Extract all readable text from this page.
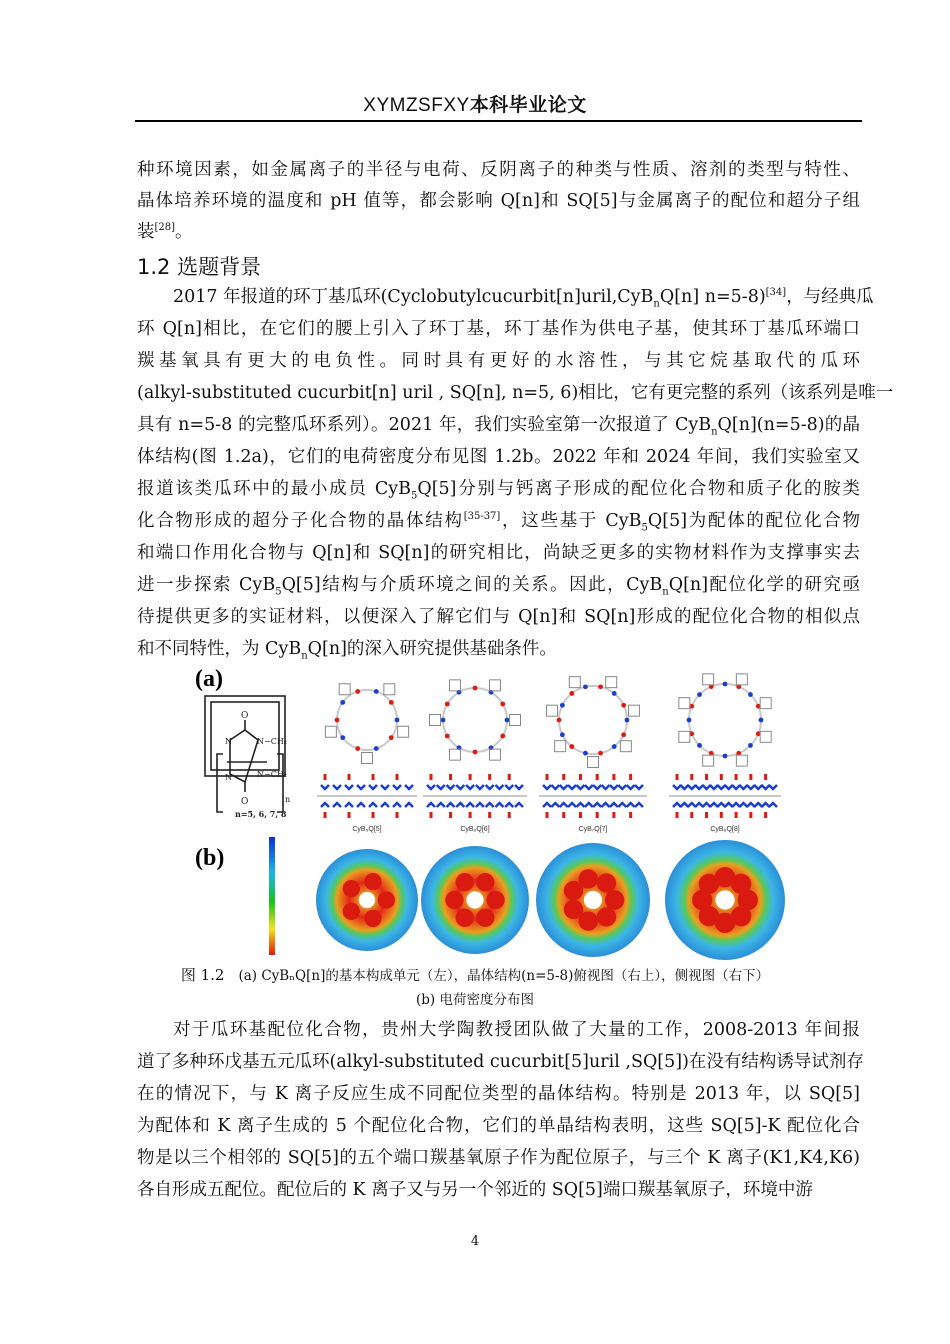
XYMZSFXY本科毕业论文
种环境因素，如金属离子的半径与电荷、反阴离子的种类与性质、溶剂的类型与特性、
晶体培养环境的温度和 pH 值等，都会影响 Q[n]和 SQ[5]与金属离子的配位和超分子组
装[28]。
1.2 选题背景
2017 年报道的环丁基瓜环(Cyclobutylcucurbit[n]uril,CyB$_n$Q[n] n=5-8)[34]，与经典瓜
环 Q[n]相比，在它们的腰上引入了环丁基，环丁基作为供电子基，使其环丁基瓜环端口
羰基氧具有更大的电负性。同时具有更好的水溶性，与其它烷基取代的瓜环
(alkyl-substituted cucurbit[n] uril , SQ[n], n=5, 6)相比，它有更完整的系列（该系列是唯一
具有 n=5-8 的完整瓜环系列）。2021 年，我们实验室第一次报道了 CyB$_n$Q[n](n=5-8)的晶
体结构(图 1.2a)，它们的电荷密度分布见图 1.2b。2022 年和 2024 年间，我们实验室又
报道该类瓜环中的最小成员 CyB$_5$Q[5]分别与钙离子形成的配位化合物和质子化的胺类
化合物形成的超分子化合物的晶体结构[35-37]，这些基于 CyB$_5$Q[5]为配体的配位化合物
和端口作用化合物与 Q[n]和 SQ[n]的研究相比，尚缺乏更多的实物材料作为支撑事实去
进一步探索 CyB$_5$Q[5]结构与介质环境之间的关系。因此，CyB$_n$Q[n]配位化学的研究亟
待提供更多的实证材料，以便深入了解它们与 Q[n]和 SQ[n]形成的配位化合物的相似点
和不同特性，为 CyB$_n$Q[n]的深入研究提供基础条件。
(a)
(b)
O
O
N
N
N−CH₂
N−CH₂
n
n=5, 6, 7, 8
CyB₅Q[5]	CyB₆Q[6]	CyB₇Q[7]	CyB₈Q[8]
图 1.2 (a) CyBₙQ[n]的基本构成单元（左），晶体结构(n=5-8)俯视图（右上），侧视图（右下）
(b) 电荷密度分布图
对于瓜环基配位化合物，贵州大学陶教授团队做了大量的工作，2008-2013 年间报
道了多种环戊基五元瓜环(alkyl-substituted cucurbit[5]uril ,SQ[5])在没有结构诱导试剂存
在的情况下，与 K 离子反应生成不同配位类型的晶体结构。特别是 2013 年，以 SQ[5]
为配体和 K 离子生成的 5 个配位化合物，它们的单晶结构表明，这些 SQ[5]-K 配位化合
物是以三个相邻的 SQ[5]的五个端口羰基氧原子作为配位原子，与三个 K 离子(K1,K4,K6)
各自形成五配位。配位后的 K 离子又与另一个邻近的 SQ[5]端口羰基氧原子，环境中游
4
